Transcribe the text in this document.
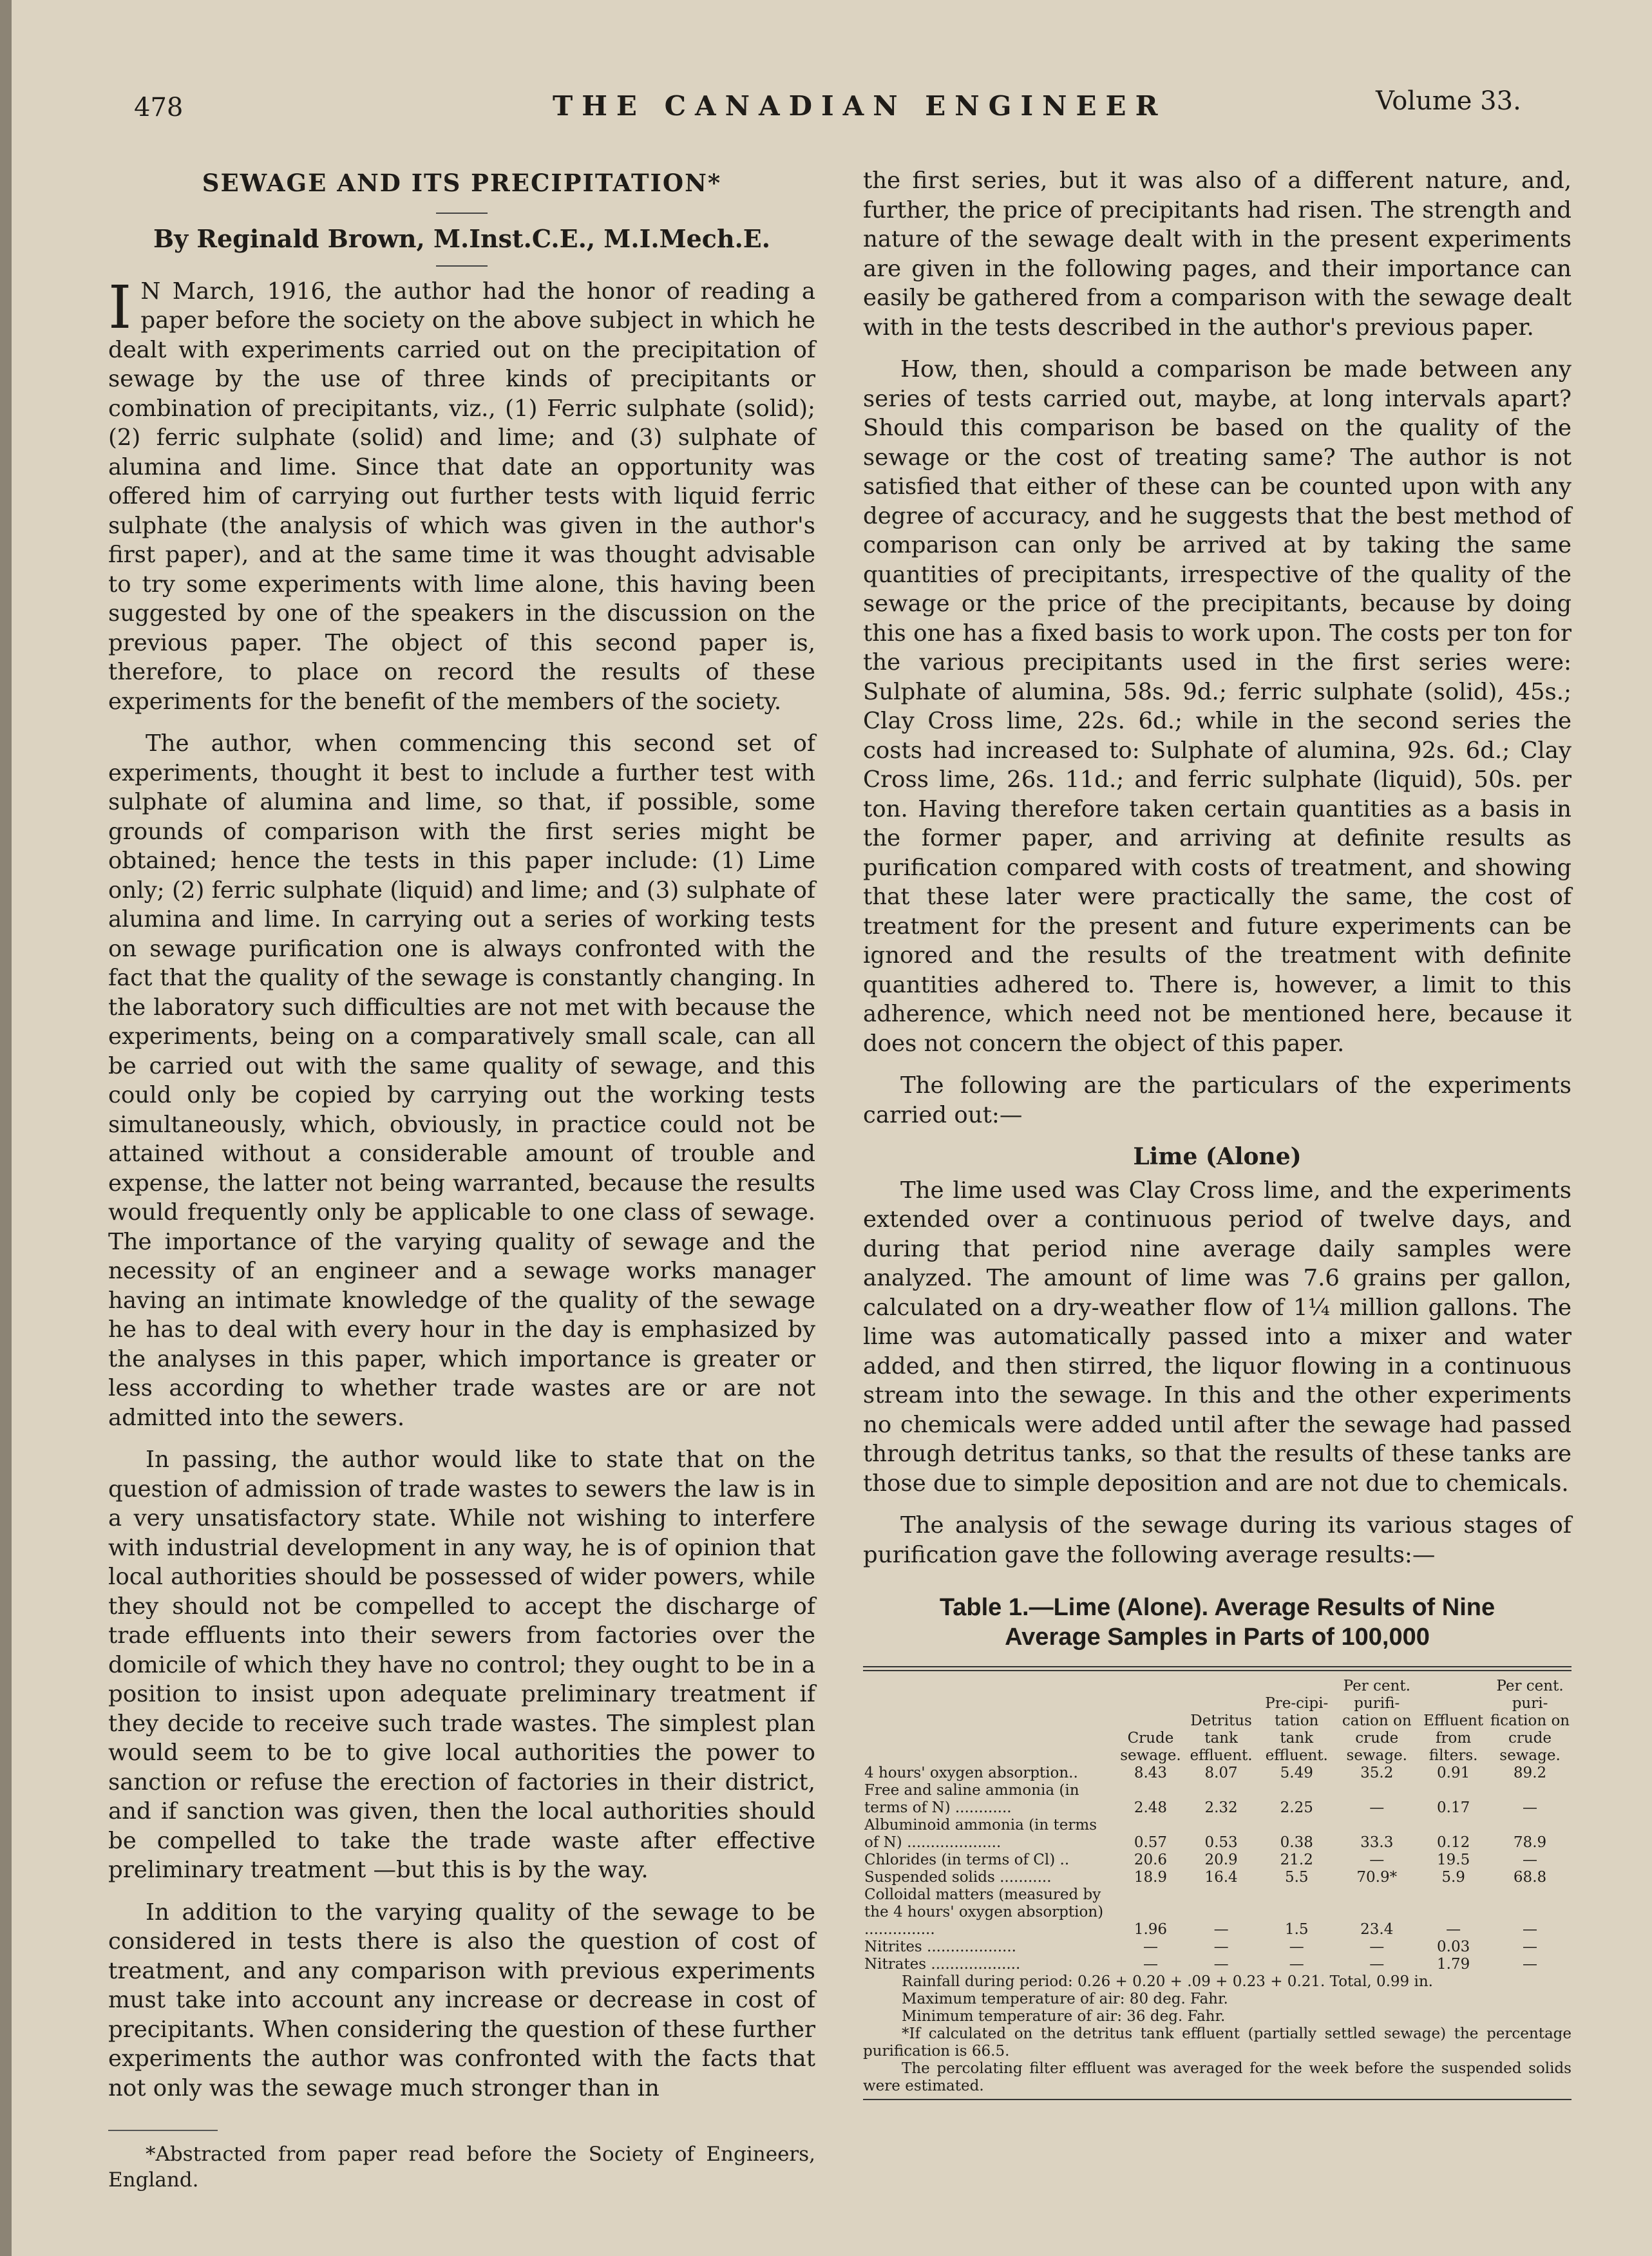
478	THE CANADIAN ENGINEER	Volume 33.
SEWAGE AND ITS PRECIPITATION*
By Reginald Brown, M.Inst.C.E., M.I.Mech.E.

I N March, 1916, the author had the honor of reading a paper before the society on the above subject in which he dealt with experiments carried out on the precipitation of sewage by the use of three kinds of precipitants or combination of precipitants, viz., (1) Ferric sulphate (solid); (2) ferric sulphate (solid) and lime; and (3) sulphate of alumina and lime. Since that date an opportunity was offered him of carrying out further tests with liquid ferric sulphate (the analysis of which was given in the author's first paper), and at the same time it was thought advisable to try some experiments with lime alone, this having been suggested by one of the speakers in the discussion on the previous paper. The object of this second paper is, therefore, to place on record the results of these experiments for the benefit of the members of the society.

The author, when commencing this second set of experiments, thought it best to include a further test with sulphate of alumina and lime, so that, if possible, some grounds of comparison with the first series might be obtained; hence the tests in this paper include: (1) Lime only; (2) ferric sulphate (liquid) and lime; and (3) sulphate of alumina and lime. In carrying out a series of working tests on sewage purification one is always confronted with the fact that the quality of the sewage is constantly changing. In the laboratory such difficulties are not met with because the experiments, being on a comparatively small scale, can all be carried out with the same quality of sewage, and this could only be copied by carrying out the working tests simultaneously, which, obviously, in practice could not be attained without a considerable amount of trouble and expense, the latter not being warranted, because the results would frequently only be applicable to one class of sewage. The importance of the varying quality of sewage and the necessity of an engineer and a sewage works manager having an intimate knowledge of the quality of the sewage he has to deal with every hour in the day is emphasized by the analyses in this paper, which importance is greater or less according to whether trade wastes are or are not admitted into the sewers.

In passing, the author would like to state that on the question of admission of trade wastes to sewers the law is in a very unsatisfactory state. While not wishing to interfere with industrial development in any way, he is of opinion that local authorities should be possessed of wider powers, while they should not be compelled to accept the discharge of trade effluents into their sewers from factories over the domicile of which they have no control; they ought to be in a position to insist upon adequate preliminary treatment if they decide to receive such trade wastes. The simplest plan would seem to be to give local authorities the power to sanction or refuse the erection of factories in their district, and if sanction was given, then the local authorities should be compelled to take the trade waste after effective preliminary treatment —but this is by the way.

In addition to the varying quality of the sewage to be considered in tests there is also the question of cost of treatment, and any comparison with previous experiments must take into account any increase or decrease in cost of precipitants. When considering the question of these further experiments the author was confronted with the facts that not only was the sewage much stronger than in

*Abstracted from paper read before the Society of Engineers, England.

the first series, but it was also of a different nature, and, further, the price of precipitants had risen. The strength and nature of the sewage dealt with in the present experiments are given in the following pages, and their importance can easily be gathered from a comparison with the sewage dealt with in the tests described in the author's previous paper.

How, then, should a comparison be made between any series of tests carried out, maybe, at long intervals apart? Should this comparison be based on the quality of the sewage or the cost of treating same? The author is not satisfied that either of these can be counted upon with any degree of accuracy, and he suggests that the best method of comparison can only be arrived at by taking the same quantities of precipitants, irrespective of the quality of the sewage or the price of the precipitants, because by doing this one has a fixed basis to work upon. The costs per ton for the various precipitants used in the first series were: Sulphate of alumina, 58s. 9d.; ferric sulphate (solid), 45s.; Clay Cross lime, 22s. 6d.; while in the second series the costs had increased to: Sulphate of alumina, 92s. 6d.; Clay Cross lime, 26s. 11d.; and ferric sulphate (liquid), 50s. per ton. Having therefore taken certain quantities as a basis in the former paper, and arriving at definite results as purification compared with costs of treatment, and showing that these later were practically the same, the cost of treatment for the present and future experiments can be ignored and the results of the treatment with definite quantities adhered to. There is, however, a limit to this adherence, which need not be mentioned here, because it does not concern the object of this paper.

The following are the particulars of the experiments carried out:—

Lime (Alone)

The lime used was Clay Cross lime, and the experiments extended over a continuous period of twelve days, and during that period nine average daily samples were analyzed. The amount of lime was 7.6 grains per gallon, calculated on a dry-weather flow of 1¼ million gallons. The lime was automatically passed into a mixer and water added, and then stirred, the liquor flowing in a continuous stream into the sewage. In this and the other experiments no chemicals were added until after the sewage had passed through detritus tanks, so that the results of these tanks are those due to simple deposition and are not due to chemicals.

The analysis of the sewage during its various stages of purification gave the following average results:—

Table 1.—Lime (Alone). Average Results of Nine
Average Samples in Parts of 100,000
	Crude sewage.	Detritus tank effluent.	Pre-cipi-tation tank effluent.	Per cent. purifi-cation on crude sewage.	Effluent from filters.	Per cent. puri-fication on crude sewage.
4 hours' oxygen absorption..	8.43	8.07	5.49	35.2	0.91	89.2
Free and saline ammonia (in terms of N) ............	2.48	2.32	2.25	—	0.17	—
Albuminoid ammonia (in terms of N) ....................	0.57	0.53	0.38	33.3	0.12	78.9
Chlorides (in terms of Cl) ..	20.6	20.9	21.2	—	19.5	—
Suspended solids ...........	18.9	16.4	5.5	70.9*	5.9	68.8
Colloidal matters (measured by the 4 hours' oxygen absorption) ...............	1.96	—	1.5	23.4	—	—
Nitrites ...................	—	—	—	—	0.03	—
Nitrates ...................	—	—	—	—	1.79	—
Rainfall during period: 0.26 + 0.20 + .09 + 0.23 + 0.21. Total, 0.99 in.
Maximum temperature of air: 80 deg. Fahr.
Minimum temperature of air: 36 deg. Fahr.
*If calculated on the detritus tank effluent (partially settled sewage) the percentage purification is 66.5.
The percolating filter effluent was averaged for the week before the suspended solids were estimated.
